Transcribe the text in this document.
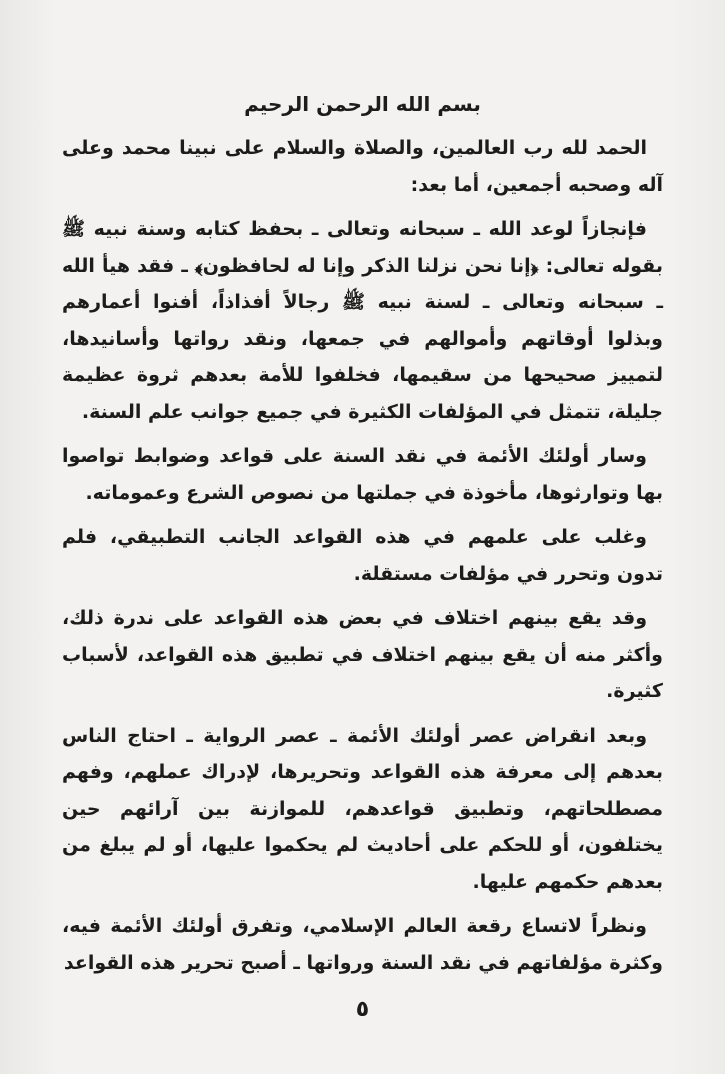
بسم الله الرحمن الرحيم

الحمد لله رب العالمين، والصلاة والسلام على نبينا محمد وعلى آله وصحبه أجمعين، أما بعد:

فإنجازاً لوعد الله ـ سبحانه وتعالى ـ بحفظ كتابه وسنة نبيه ﷺ بقوله تعالى: ﴿إنا نحن نزلنا الذكر وإنا له لحافظون﴾ ـ فقد هيأ الله ـ سبحانه وتعالى ـ لسنة نبيه ﷺ رجالاً أفذاذاً، أفنوا أعمارهم وبذلوا أوقاتهم وأموالهم في جمعها، ونقد رواتها وأسانيدها، لتمييز صحيحها من سقيمها، فخلفوا للأمة بعدهم ثروة عظيمة جليلة، تتمثل في المؤلفات الكثيرة في جميع جوانب علم السنة.

وسار أولئك الأئمة في نقد السنة على قواعد وضوابط تواصوا بها وتوارثوها، مأخوذة في جملتها من نصوص الشرع وعموماته.

وغلب على علمهم في هذه القواعد الجانب التطبيقي، فلم تدون وتحرر في مؤلفات مستقلة.

وقد يقع بينهم اختلاف في بعض هذه القواعد على ندرة ذلك، وأكثر منه أن يقع بينهم اختلاف في تطبيق هذه القواعد، لأسباب كثيرة.

وبعد انقراض عصر أولئك الأئمة ـ عصر الرواية ـ احتاج الناس بعدهم إلى معرفة هذه القواعد وتحريرها، لإدراك عملهم، وفهم مصطلحاتهم، وتطبيق قواعدهم، للموازنة بين آرائهم حين يختلفون، أو للحكم على أحاديث لم يحكموا عليها، أو لم يبلغ من بعدهم حكمهم عليها.

ونظراً لاتساع رقعة العالم الإسلامي، وتفرق أولئك الأئمة فيه، وكثرة مؤلفاتهم في نقد السنة ورواتها ـ أصبح تحرير هذه القواعد

٥
